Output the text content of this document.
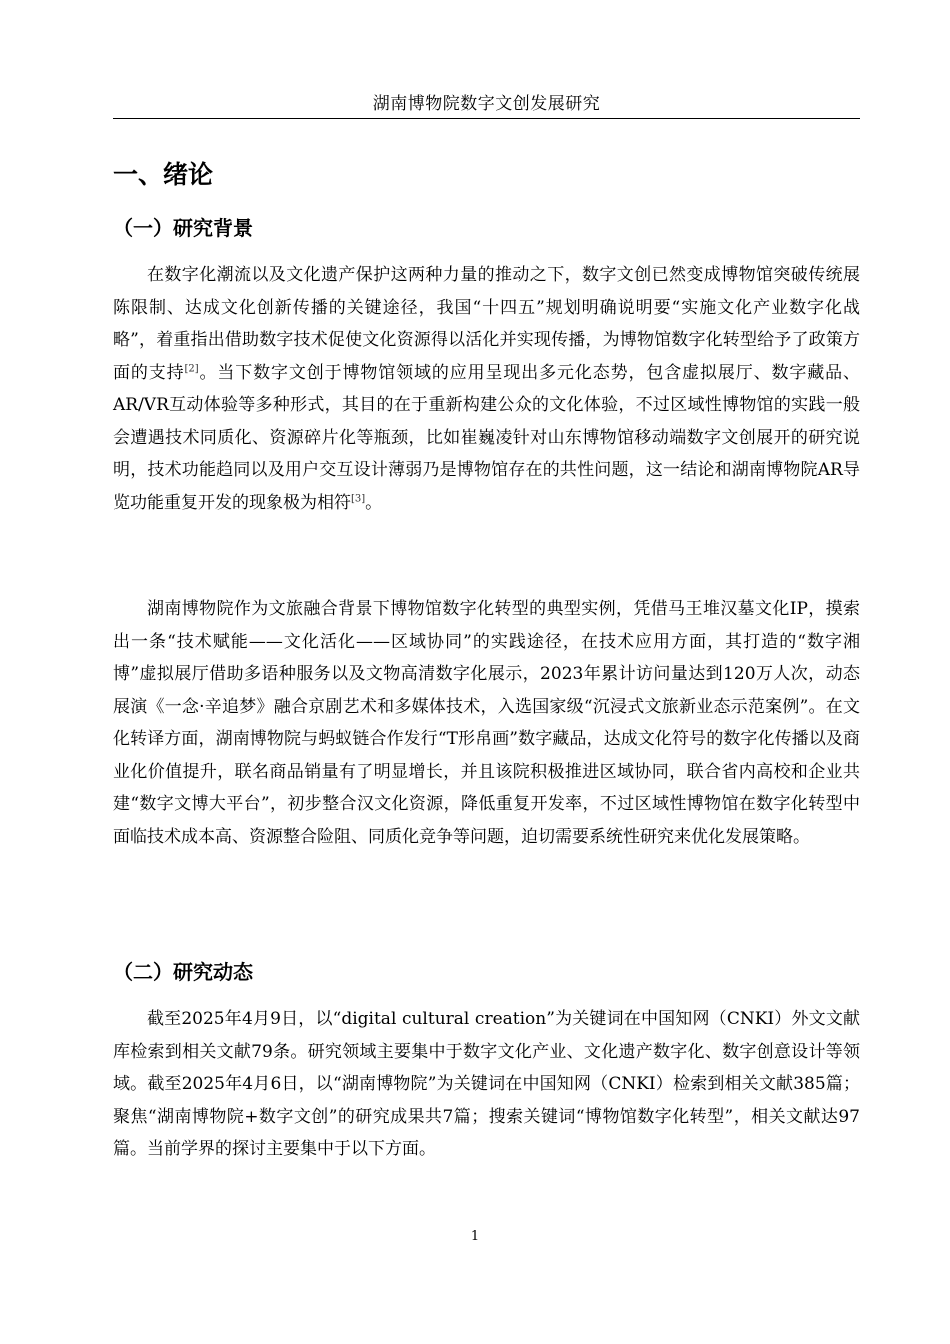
湖南博物院数字文创发展研究
一、绪论
（一）研究背景

在数字化潮流以及文化遗产保护这两种力量的推动之下，数字文创已然变成博物馆突破传统展陈限制、达成文化创新传播的关键途径，我国“十四五”规划明确说明要“实施文化产业数字化战略”，着重指出借助数字技术促使文化资源得以活化并实现传播，为博物馆数字化转型给予了政策方面的支持[2]。当下数字文创于博物馆领域的应用呈现出多元化态势，包含虚拟展厅、数字藏品、AR/VR互动体验等多种形式，其目的在于重新构建公众的文化体验，不过区域性博物馆的实践一般会遭遇技术同质化、资源碎片化等瓶颈，比如崔巍凌针对山东博物馆移动端数字文创展开的研究说明，技术功能趋同以及用户交互设计薄弱乃是博物馆存在的共性问题，这一结论和湖南博物院AR导览功能重复开发的现象极为相符[3]。

湖南博物院作为文旅融合背景下博物馆数字化转型的典型实例，凭借马王堆汉墓文化IP，摸索出一条“技术赋能——文化活化——区域协同”的实践途径，在技术应用方面，其打造的“数字湘博”虚拟展厅借助多语种服务以及文物高清数字化展示，2023年累计访问量达到120万人次，动态展演《一念·辛追梦》融合京剧艺术和多媒体技术，入选国家级“沉浸式文旅新业态示范案例”。在文化转译方面，湖南博物院与蚂蚁链合作发行“T形帛画”数字藏品，达成文化符号的数字化传播以及商业化价值提升，联名商品销量有了明显增长，并且该院积极推进区域协同，联合省内高校和企业共建“数字文博大平台”，初步整合汉文化资源，降低重复开发率，不过区域性博物馆在数字化转型中面临技术成本高、资源整合险阻、同质化竞争等问题，迫切需要系统性研究来优化发展策略。

（二）研究动态

截至2025年4月9日，以“digital cultural creation”为关键词在中国知网（CNKI）外文文献库检索到相关文献79条。研究领域主要集中于数字文化产业、文化遗产数字化、数字创意设计等领域。截至2025年4月6日，以“湖南博物院”为关键词在中国知网（CNKI）检索到相关文献385篇；聚焦“湖南博物院+数字文创”的研究成果共7篇；搜索关键词“博物馆数字化转型”，相关文献达97篇。当前学界的探讨主要集中于以下方面。

1
